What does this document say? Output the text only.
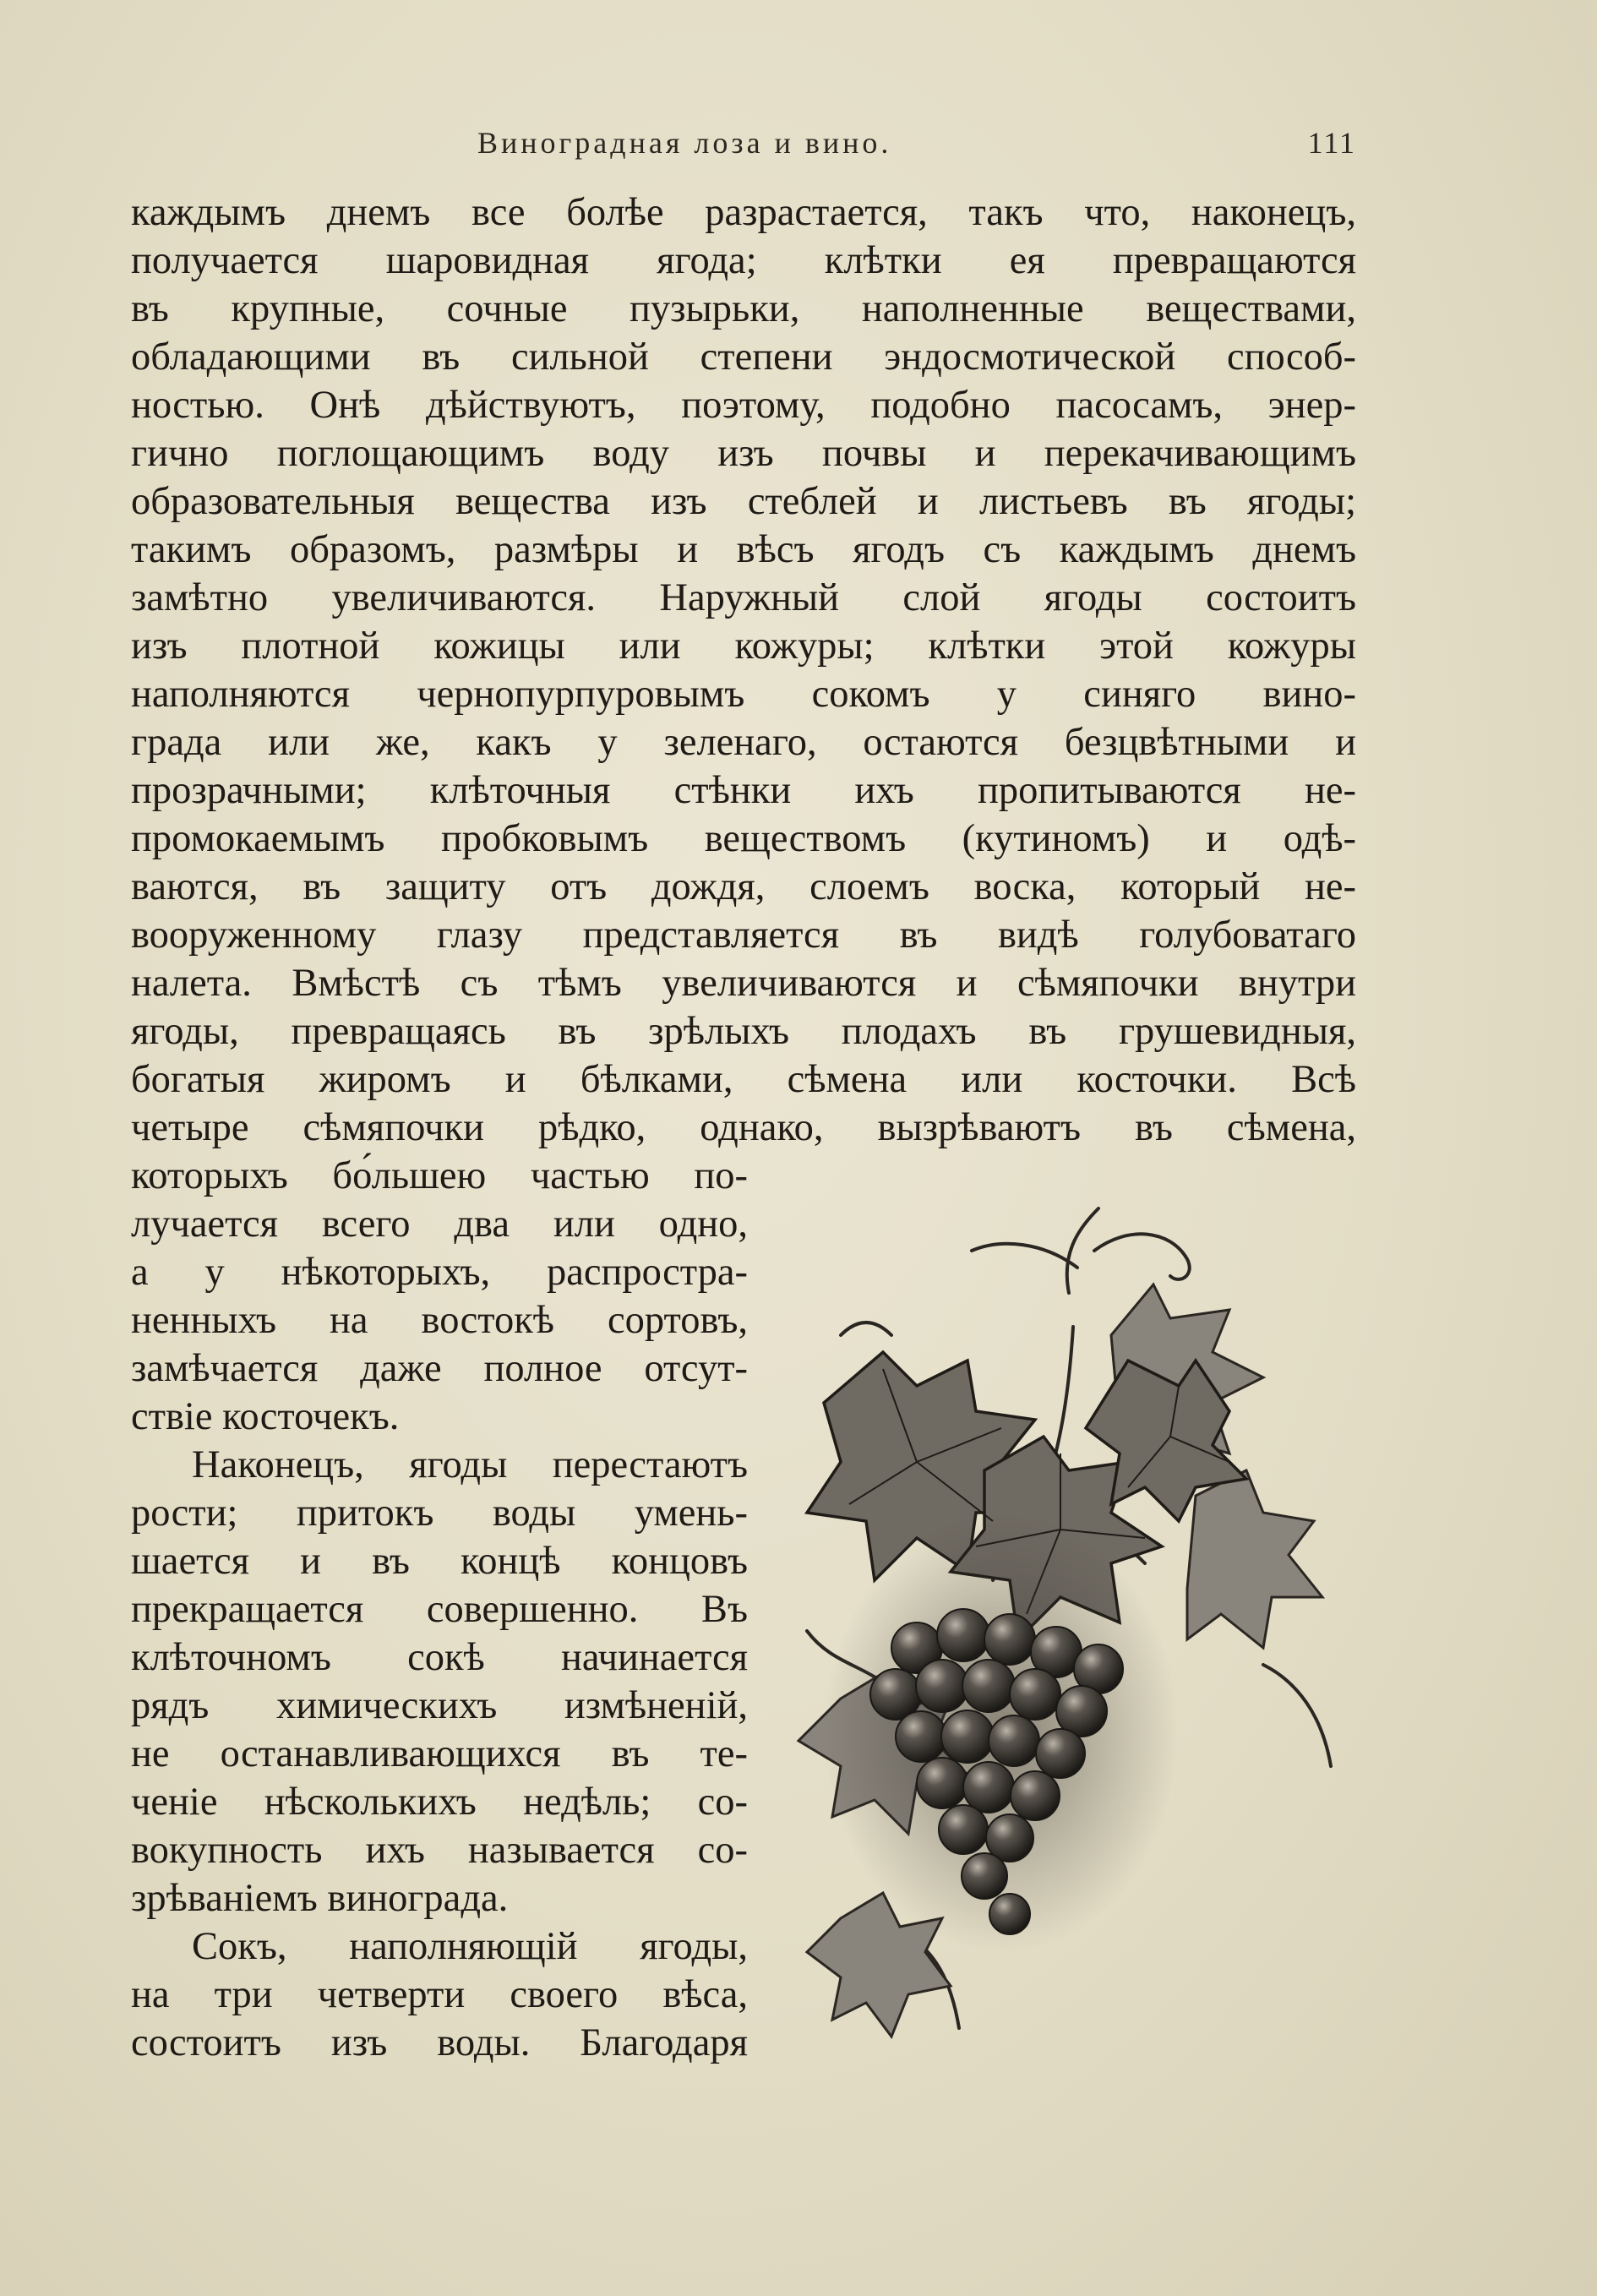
Виноградная лоза и вино.	111
каждымъ днемъ все болѣе разрастается, такъ что, наконецъ,
получается шаровидная ягода; клѣтки ея превращаются
въ крупные, сочные пузырьки, наполненные веществами,
обладающими въ сильной степени эндосмотической способ-
ностью. Онѣ дѣйствуютъ, поэтому, подобно пасосамъ, энер-
гично поглощающимъ воду изъ почвы и перекачивающимъ
образовательныя вещества изъ стеблей и листьевъ въ ягоды;
такимъ образомъ, размѣры и вѣсъ ягодъ съ каждымъ днемъ
замѣтно увеличиваются. Наружный слой ягоды состоитъ
изъ плотной кожицы или кожуры; клѣтки этой кожуры
наполняются чернопурпуровымъ сокомъ у синяго вино-
града или же, какъ у зеленаго, остаются безцвѣтными и
прозрачными; клѣточныя стѣнки ихъ пропитываются не-
промокаемымъ пробковымъ веществомъ (кутиномъ) и одѣ-
ваются, въ защиту отъ дождя, слоемъ воска, который не-
вооруженному глазу представляется въ видѣ голубоватаго
налета. Вмѣстѣ съ тѣмъ увеличиваются и сѣмяпочки внутри
ягоды, превращаясь въ зрѣлыхъ плодахъ въ грушевидныя,
богатыя жиромъ и бѣлками, сѣмена или косточки. Всѣ
четыре сѣмяпочки рѣдко, однако, вызрѣваютъ въ сѣмена,
которыхъ бо́льшею частью по-
лучается всего два или одно,
а у нѣкоторыхъ, распростра-
ненныхъ на востокѣ сортовъ,
замѣчается даже полное отсут-
ствіе косточекъ.
Наконецъ, ягоды перестаютъ
рости; притокъ воды умень-
шается и въ концѣ концовъ
прекращается совершенно. Въ
клѣточномъ сокѣ начинается
рядъ химическихъ измѣненій,
не останавливающихся въ те-
ченіе нѣсколькихъ недѣль; со-
вокупность ихъ называется со-
зрѣваніемъ винограда.
Сокъ, наполняющій ягоды,
на три четверти своего вѣса,
состоитъ изъ воды. Благодаря
